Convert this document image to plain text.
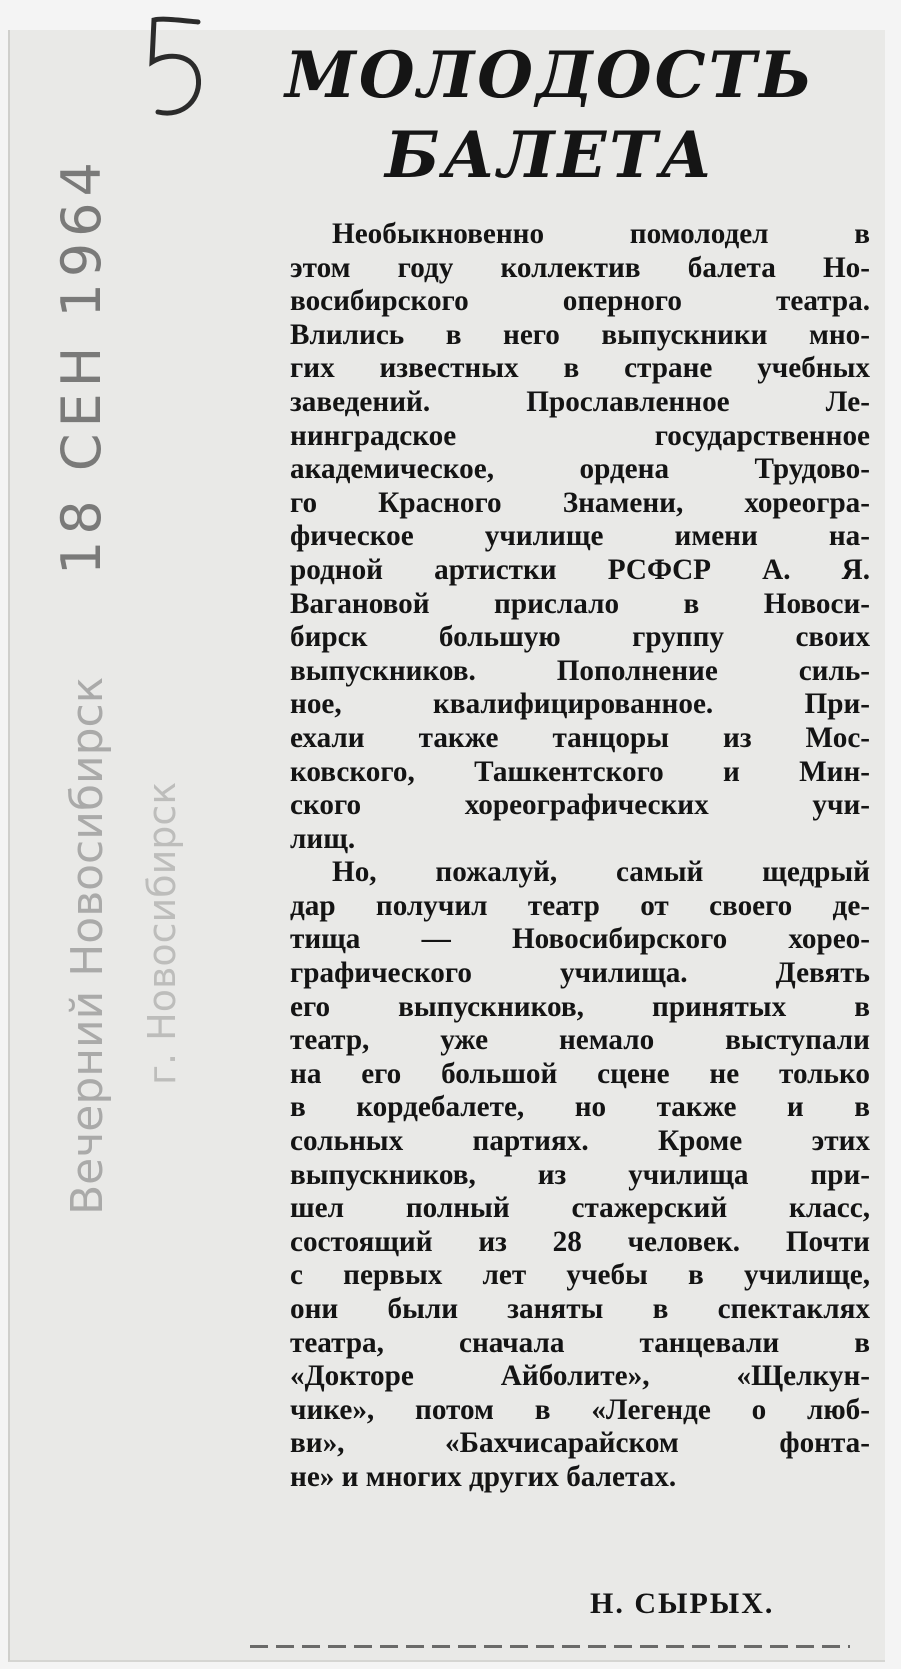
18 СЕН 1964
Вечерний Новосибирск г. Новосибирск
МОЛОДОСТЬ
БАЛЕТА
Необыкновенно помолодел в
этом году коллектив балета Но-
восибирского оперного театра.
Влились в него выпускники мно-
гих известных в стране учебных
заведений. Прославленное Ле-
нинградское государственное
академическое, ордена Трудово-
го Красного Знамени, хореогра-
фическое училище имени на-
родной артистки РСФСР А. Я.
Вагановой прислало в Новоси-
бирск большую группу своих
выпускников. Пополнение силь-
ное, квалифицированное. При-
ехали также танцоры из Мос-
ковского, Ташкентского и Мин-
ского хореографических учи-
лищ.
Но, пожалуй, самый щедрый
дар получил театр от своего де-
тища — Новосибирского хорео-
графического училища. Девять
его выпускников, принятых в
театр, уже немало выступали
на его большой сцене не только
в кордебалете, но также и в
сольных партиях. Кроме этих
выпускников, из училища при-
шел полный стажерский класс,
состоящий из 28 человек. Почти
с первых лет учебы в училище,
они были заняты в спектаклях
театра, сначала танцевали в
«Докторе Айболите», «Щелкун-
чике», потом в «Легенде о люб-
ви», «Бахчисарайском фонта-
не» и многих других балетах.
Н. СЫРЫХ.
